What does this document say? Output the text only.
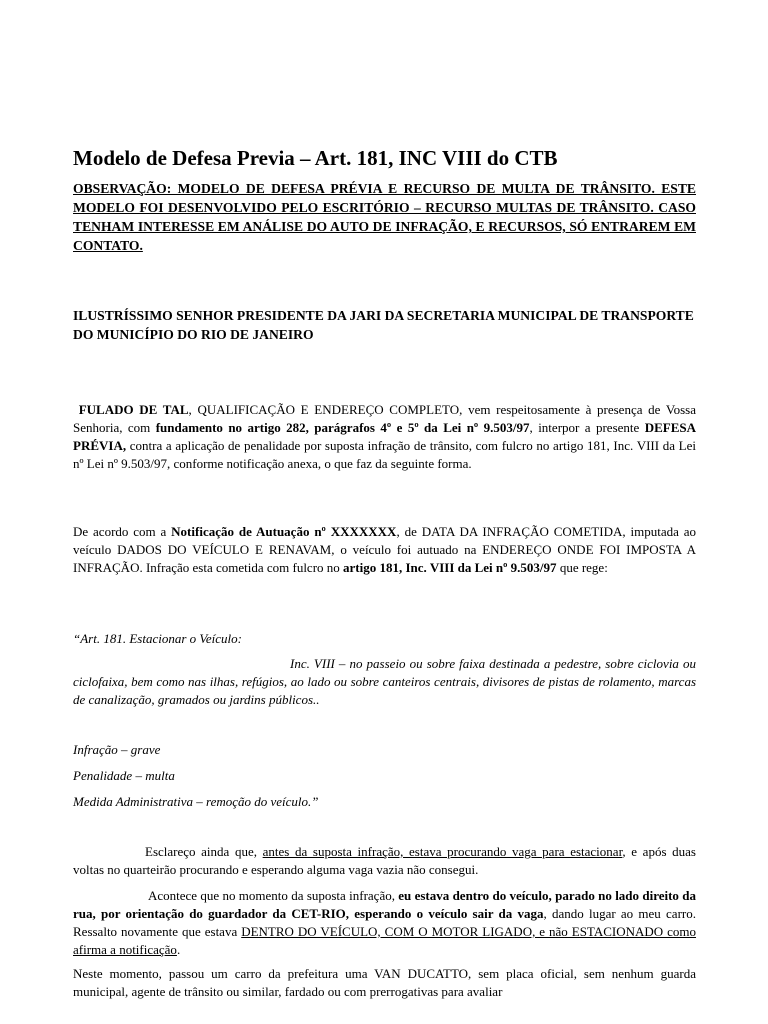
Modelo de Defesa Previa – Art. 181, INC VIII do CTB
OBSERVAÇÃO: MODELO DE DEFESA PRÉVIA E RECURSO DE MULTA DE TRÂNSITO. ESTE MODELO FOI DESENVOLVIDO PELO ESCRITÓRIO – RECURSO MULTAS DE TRÂNSITO. CASO TENHAM INTERESSE EM ANÁLISE DO AUTO DE INFRAÇÃO, E RECURSOS, SÓ ENTRAREM EM CONTATO.
ILUSTRÍSSIMO SENHOR PRESIDENTE DA JARI DA SECRETARIA MUNICIPAL DE TRANSPORTE DO MUNICÍPIO DO RIO DE JANEIRO
FULADO DE TAL, QUALIFICAÇÃO E ENDEREÇO COMPLETO, vem respeitosamente à presença de Vossa Senhoria, com fundamento no artigo 282, parágrafos 4º e 5º da Lei nº 9.503/97, interpor a presente DEFESA PRÉVIA, contra a aplicação de penalidade por suposta infração de trânsito, com fulcro no artigo 181, Inc. VIII da Lei nº Lei nº 9.503/97, conforme notificação anexa, o que faz da seguinte forma.
De acordo com a Notificação de Autuação nº XXXXXXX, de DATA DA INFRAÇÃO COMETIDA, imputada ao veículo DADOS DO VEÍCULO E RENAVAM, o veículo foi autuado na ENDEREÇO ONDE FOI IMPOSTA A INFRAÇÃO. Infração esta cometida com fulcro no artigo 181, Inc. VIII da Lei nº 9.503/97 que rege:
“Art. 181. Estacionar o Veículo:
Inc. VIII – no passeio ou sobre faixa destinada a pedestre, sobre ciclovia ou ciclofaixa, bem como nas ilhas, refúgios, ao lado ou sobre canteiros centrais, divisores de pistas de rolamento, marcas de canalização, gramados ou jardins públicos..
Infração – grave
Penalidade – multa
Medida Administrativa – remoção do veículo.”
Esclareço ainda que, antes da suposta infração, estava procurando vaga para estacionar, e após duas voltas no quarteirão procurando e esperando alguma vaga vazia não consegui.
Acontece que no momento da suposta infração, eu estava dentro do veículo, parado no lado direito da rua, por orientação do guardador da CET-RIO, esperando o veículo sair da vaga, dando lugar ao meu carro. Ressalto novamente que estava DENTRO DO VEÍCULO, COM O MOTOR LIGADO, e não ESTACIONADO como afirma a notificação.
Neste momento, passou um carro da prefeitura uma VAN DUCATTO, sem placa oficial, sem nenhum guarda municipal, agente de trânsito ou similar, fardado ou com prerrogativas para avaliar
